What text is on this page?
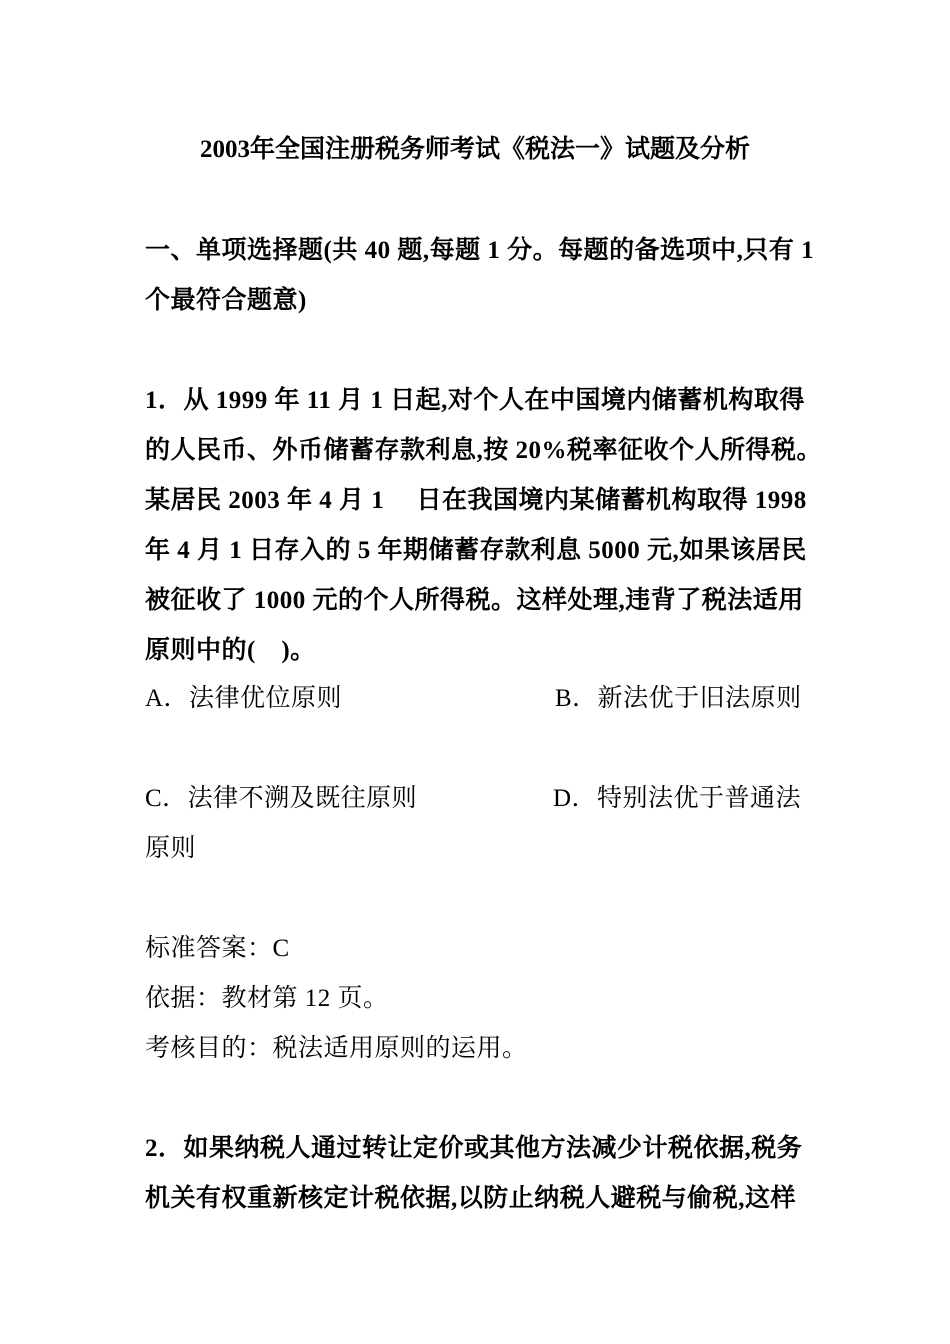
2003年全国注册税务师考试《税法一》试题及分析
一、单项选择题(共 40 题,每题 1 分。每题的备选项中,只有 1
个最符合题意)
1．从 1999 年 11 月 1 日起,对个人在中国境内储蓄机构取得
的人民币、外币储蓄存款利息,按 20%税率征收个人所得税。
某居民 2003 年 4 月 1　 日在我国境内某储蓄机构取得 1998
年 4 月 1 日存入的 5 年期储蓄存款利息 5000 元,如果该居民
被征收了 1000 元的个人所得税。这样处理,违背了税法适用
原则中的(　)。
A．法律优位原则	B．新法优于旧法原则
C．法律不溯及既往原则	D．特别法优于普通法
原则
标准答案：C
依据：教材第 12 页。
考核目的：税法适用原则的运用。
2．如果纳税人通过转让定价或其他方法减少计税依据,税务
机关有权重新核定计税依据,以防止纳税人避税与偷税,这样
